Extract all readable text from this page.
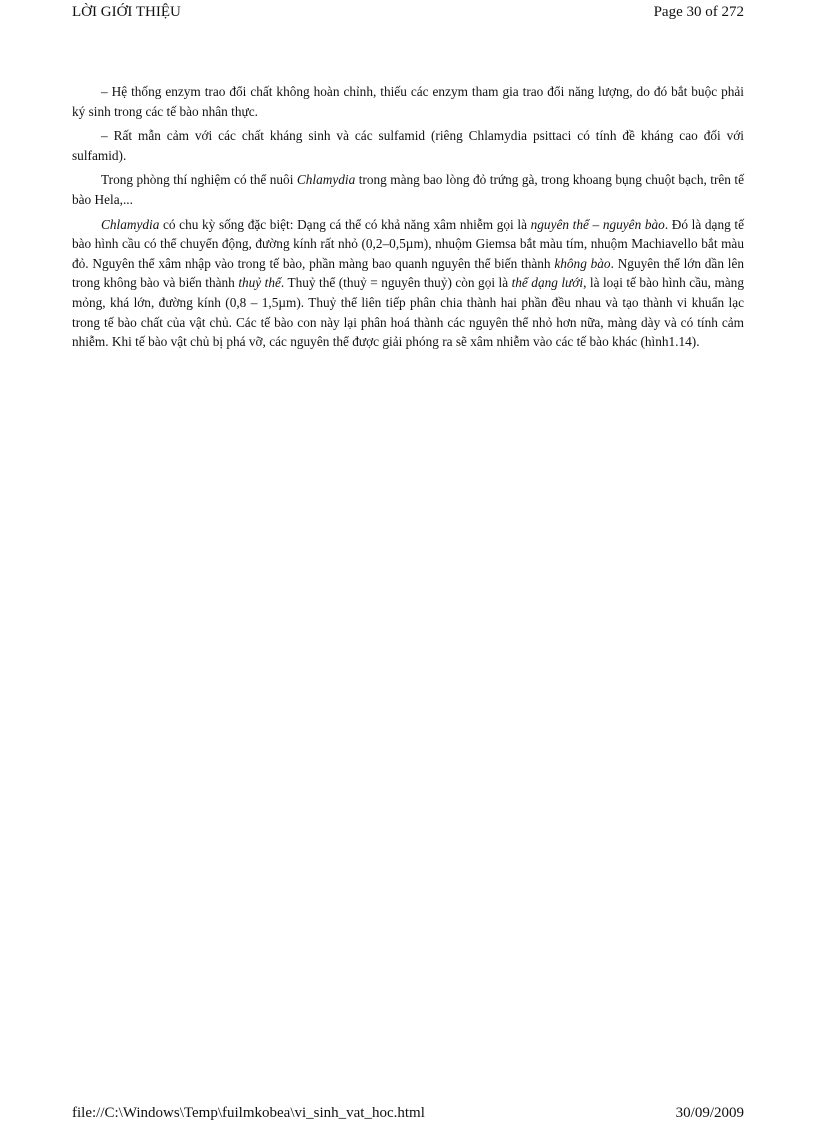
LỜI GIỚI THIỆU	Page 30 of 272

– Hệ thống enzym trao đổi chất không hoàn chỉnh, thiếu các enzym tham gia trao đổi năng lượng, do đó bắt buộc phải ký sinh trong các tế bào nhân thực.

– Rất mẫn cảm với các chất kháng sinh và các sulfamid (riêng Chlamydia psittaci có tính đề kháng cao đối với sulfamid).

Trong phòng thí nghiệm có thể nuôi Chlamydia trong màng bao lòng đỏ trứng gà, trong khoang bụng chuột bạch, trên tế bào Hela,...

Chlamydia có chu kỳ sống đặc biệt: Dạng cá thể có khả năng xâm nhiễm gọi là nguyên thể – nguyên bào. Đó là dạng tế bào hình cầu có thể chuyển động, đường kính rất nhỏ (0,2–0,5µm), nhuộm Giemsa bắt màu tím, nhuộm Machiavello bắt màu đỏ. Nguyên thể xâm nhập vào trong tế bào, phần màng bao quanh nguyên thể biến thành không bào. Nguyên thể lớn dần lên trong không bào và biến thành thuỷ thể. Thuỷ thể (thuỷ = nguyên thuỷ) còn gọi là thể dạng lưới, là loại tế bào hình cầu, màng mỏng, khá lớn, đường kính (0,8 – 1,5µm). Thuỷ thể liên tiếp phân chia thành hai phần đều nhau và tạo thành vi khuẩn lạc trong tế bào chất của vật chủ. Các tế bào con này lại phân hoá thành các nguyên thể nhỏ hơn nữa, màng dày và có tính cảm nhiễm. Khi tế bào vật chủ bị phá vỡ, các nguyên thể được giải phóng ra sẽ xâm nhiễm vào các tế bào khác (hình1.14).

file://C:\Windows\Temp\fuilmkobea\vi_sinh_vat_hoc.html	30/09/2009
